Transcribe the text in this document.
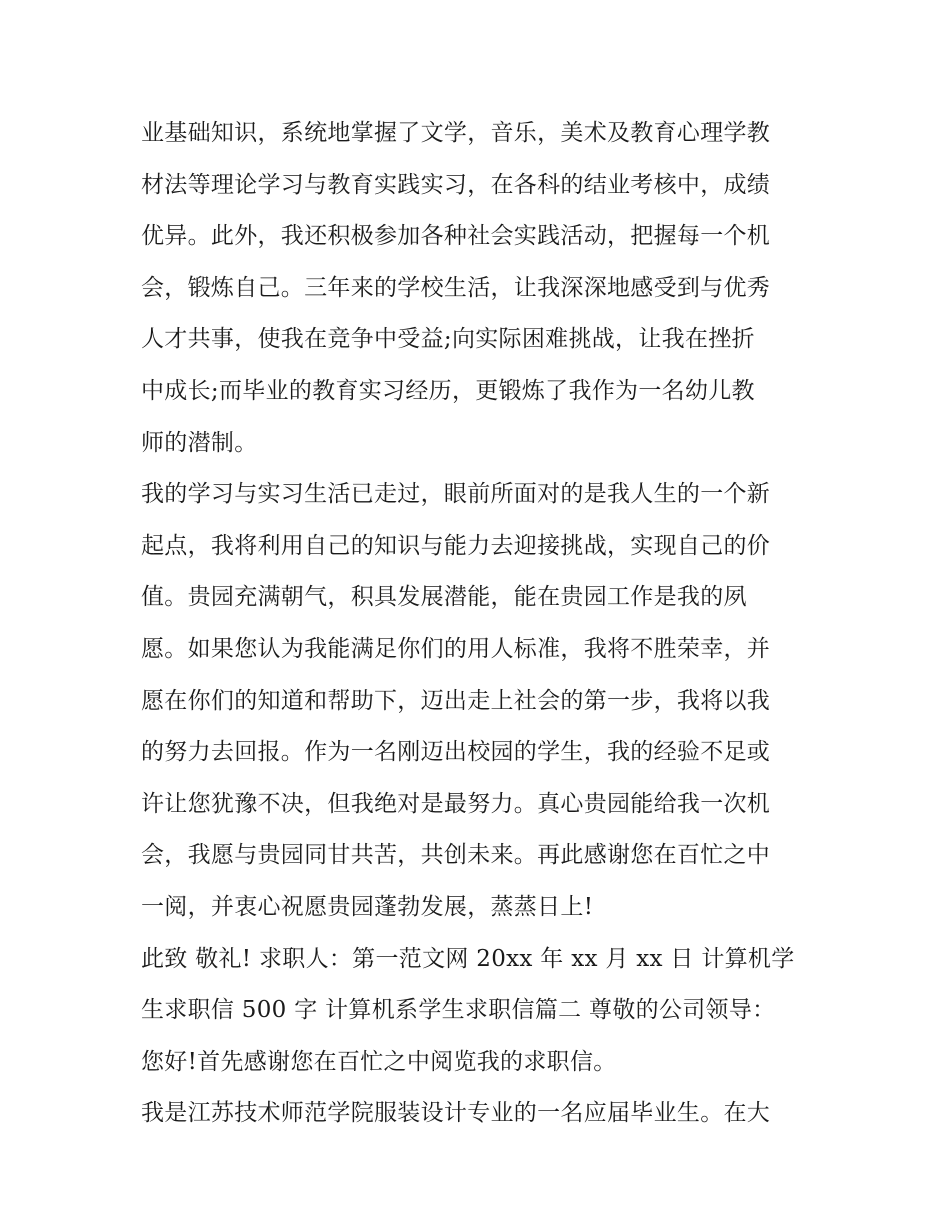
业基础知识，系统地掌握了文学，音乐，美术及教育心理学教
材法等理论学习与教育实践实习，在各科的结业考核中，成绩
优异。此外，我还积极参加各种社会实践活动，把握每一个机
会，锻炼自己。三年来的学校生活，让我深深地感受到与优秀
人才共事，使我在竞争中受益;向实际困难挑战，让我在挫折
中成长;而毕业的教育实习经历，更锻炼了我作为一名幼儿教
师的潜制。
我的学习与实习生活已走过，眼前所面对的是我人生的一个新
起点，我将利用自己的知识与能力去迎接挑战，实现自己的价
值。贵园充满朝气，积具发展潜能，能在贵园工作是我的夙
愿。如果您认为我能满足你们的用人标准，我将不胜荣幸，并
愿在你们的知道和帮助下，迈出走上社会的第一步，我将以我
的努力去回报。作为一名刚迈出校园的学生，我的经验不足或
许让您犹豫不决，但我绝对是最努力。真心贵园能给我一次机
会，我愿与贵园同甘共苦，共创未来。再此感谢您在百忙之中
一阅，并衷心祝愿贵园蓬勃发展，蒸蒸日上!
此致 敬礼! 求职人：第一范文网 20xx 年 xx 月 xx 日 计算机学
生求职信 500 字 计算机系学生求职信篇二 尊敬的公司领导：
您好!首先感谢您在百忙之中阅览我的求职信。
我是江苏技术师范学院服装设计专业的一名应届毕业生。在大
